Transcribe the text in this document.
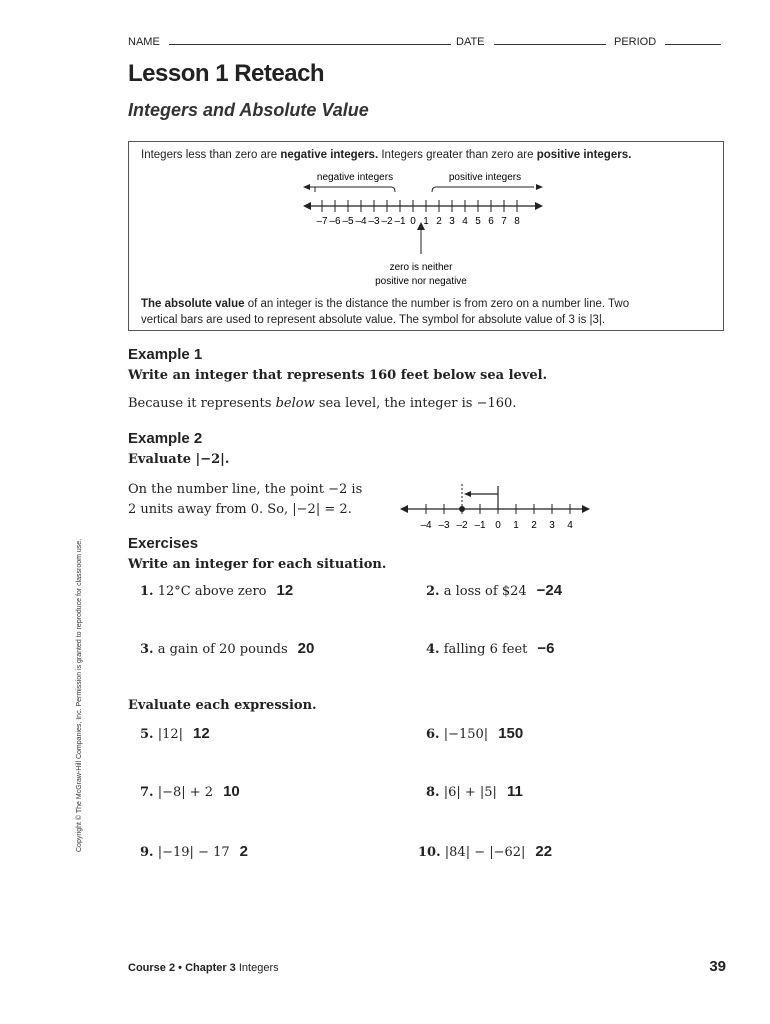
NAME	DATE	PERIOD
Lesson 1 Reteach
Integers and Absolute Value
Integers less than zero are negative integers. Integers greater than zero are positive integers.
negative integers	positive integers
–7 –6 –5 –4 –3 –2 –1 0 1 2 3 4 5 6 7 8
zero is neither
positive nor negative
The absolute value of an integer is the distance the number is from zero on a number line. Two
vertical bars are used to represent absolute value. The symbol for absolute value of 3 is |3|.
Example 1
Write an integer that represents 160 feet below sea level.
Because it represents below sea level, the integer is −160.
Example 2
Evaluate |−2|.
On the number line, the point −2 is
2 units away from 0. So, |−2| = 2.
–4 –3 –2 –1 0 1 2 3 4
Exercises
Write an integer for each situation.
Evaluate each expression.
1. 12°C above zero 12	2. a loss of $24 −24
3. a gain of 20 pounds 20	4. falling 6 feet −6
5. |12| 12	6. |−150| 150
7. |−8| + 2 10	8. |6| + |5| 11
9. |−19| − 17 2	10. |84| − |−62| 22
Copyright © The McGraw-Hill Companies, Inc. Permission is granted to reproduce for classroom use.
Course 2 • Chapter 3 Integers	39
